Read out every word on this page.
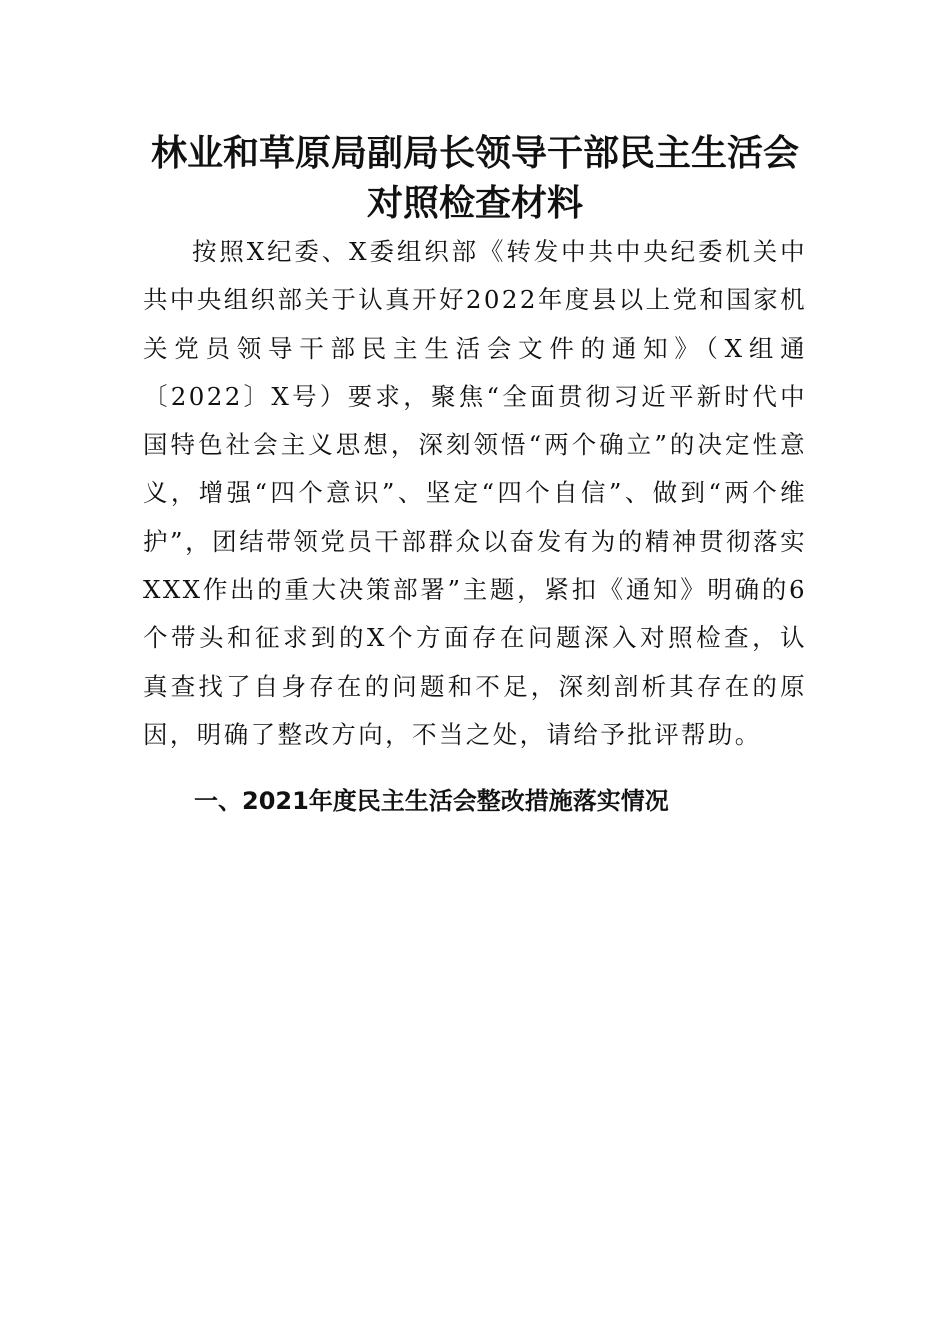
林业和草原局副局长领导干部民主生活会
对照检查材料

按照X纪委、X委组织部《转发中共中央纪委机关中共中央组织部关于认真开好2022年度县以上党和国家机关党员领导干部民主生活会文件的通知》（X组通〔2022〕X号）要求，聚焦“全面贯彻习近平新时代中国特色社会主义思想，深刻领悟“两个确立”的决定性意义，增强“四个意识”、坚定“四个自信”、做到“两个维护”，团结带领党员干部群众以奋发有为的精神贯彻落实XXX作出的重大决策部署”主题，紧扣《通知》明确的6个带头和征求到的X个方面存在问题深入对照检查，认真查找了自身存在的问题和不足，深刻剖析其存在的原因，明确了整改方向，不当之处，请给予批评帮助。

一、2021年度民主生活会整改措施落实情况
